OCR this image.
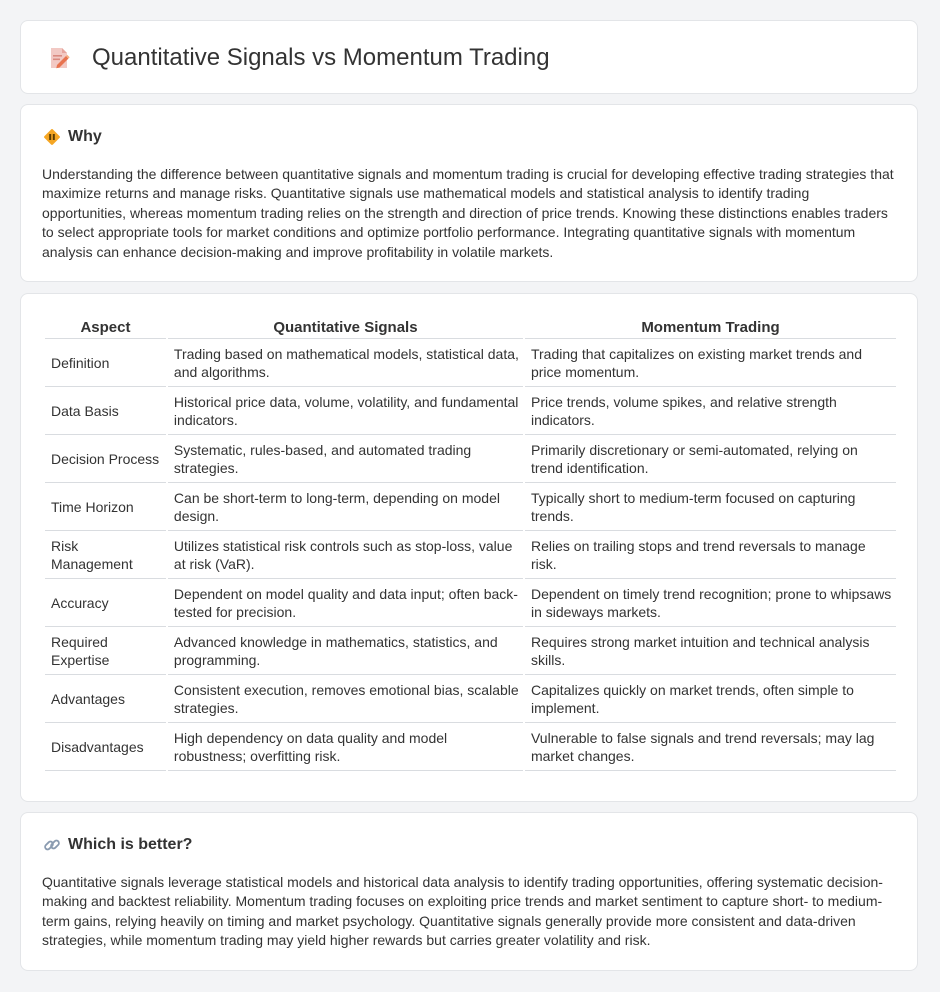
Quantitative Signals vs Momentum Trading
Why

Understanding the difference between quantitative signals and momentum trading is crucial for developing effective trading strategies that maximize returns and manage risks. Quantitative signals use mathematical models and statistical analysis to identify trading opportunities, whereas momentum trading relies on the strength and direction of price trends. Knowing these distinctions enables traders to select appropriate tools for market conditions and optimize portfolio performance. Integrating quantitative signals with momentum analysis can enhance decision-making and improve profitability in volatile markets.

Aspect	Quantitative Signals	Momentum Trading
Definition	Trading based on mathematical models, statistical data, and algorithms.	Trading that capitalizes on existing market trends and price momentum.
Data Basis	Historical price data, volume, volatility, and fundamental indicators.	Price trends, volume spikes, and relative strength indicators.
Decision Process	Systematic, rules-based, and automated trading strategies.	Primarily discretionary or semi-automated, relying on trend identification.
Time Horizon	Can be short-term to long-term, depending on model design.	Typically short to medium-term focused on capturing trends.
Risk Management	Utilizes statistical risk controls such as stop-loss, value at risk (VaR).	Relies on trailing stops and trend reversals to manage risk.
Accuracy	Dependent on model quality and data input; often back-tested for precision.	Dependent on timely trend recognition; prone to whipsaws in sideways markets.
Required Expertise	Advanced knowledge in mathematics, statistics, and programming.	Requires strong market intuition and technical analysis skills.
Advantages	Consistent execution, removes emotional bias, scalable strategies.	Capitalizes quickly on market trends, often simple to implement.
Disadvantages	High dependency on data quality and model robustness; overfitting risk.	Vulnerable to false signals and trend reversals; may lag market changes.
Which is better?

Quantitative signals leverage statistical models and historical data analysis to identify trading opportunities, offering systematic decision-making and backtest reliability. Momentum trading focuses on exploiting price trends and market sentiment to capture short- to medium-term gains, relying heavily on timing and market psychology. Quantitative signals generally provide more consistent and data-driven strategies, while momentum trading may yield higher rewards but carries greater volatility and risk.
